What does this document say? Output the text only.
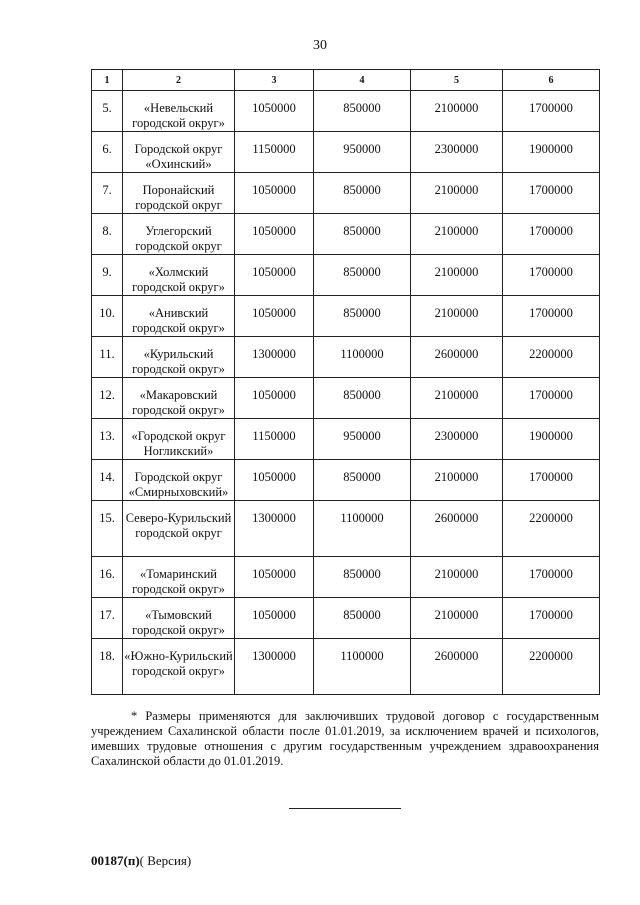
30
1	2	3	4	5	6
5.	«Невельский городской округ»	1050000	850000	2100000	1700000
6.	Городской округ «Охинский»	1150000	950000	2300000	1900000
7.	Поронайский городской округ	1050000	850000	2100000	1700000
8.	Углегорский городской округ	1050000	850000	2100000	1700000
9.	«Холмский городской округ»	1050000	850000	2100000	1700000
10.	«Анивский городской округ»	1050000	850000	2100000	1700000
11.	«Курильский городской округ»	1300000	1100000	2600000	2200000
12.	«Макаровский городской округ»	1050000	850000	2100000	1700000
13.	«Городской округ Ногликский»	1150000	950000	2300000	1900000
14.	Городской округ «Смирныховский»	1050000	850000	2100000	1700000
15.	Северо-Курильский городской округ	1300000	1100000	2600000	2200000
16.	«Томаринский городской округ»	1050000	850000	2100000	1700000
17.	«Тымовский городской округ»	1050000	850000	2100000	1700000
18.	«Южно-Курильский городской округ»	1300000	1100000	2600000	2200000
* Размеры применяются для заключивших трудовой договор с государственным учреждением Сахалинской области после 01.01.2019, за исключением врачей и психологов, имевших трудовые отношения с другим государственным учреждением здравоохранения Сахалинской области до 01.01.2019.
00187(п)( Версия)
